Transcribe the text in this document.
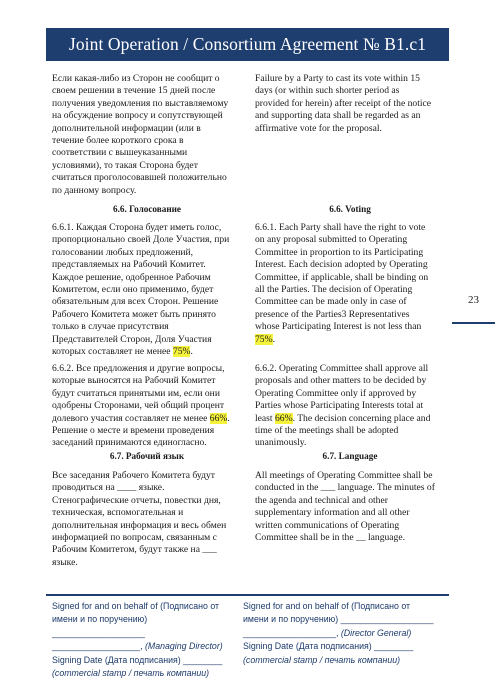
Joint Operation / Consortium Agreement № B1.c1

Если какая-либо из Сторон не сообщит о
своем решении в течение 15 дней после
получения уведомления по выставляемому
на обсуждение вопросу и сопутствующей
дополнительной информации (или в
течение более короткого срока в
соответствии с вышеуказанными
условиями), то такая Сторона будет
считаться проголосовавшей положительно
по данному вопросу.

Failure by a Party to cast its vote within 15
days (or within such shorter period as
provided for herein) after receipt of the notice
and supporting data shall be regarded as an
affirmative vote for the proposal.

6.6. Голосование	6.6. Voting

6.6.1. Каждая Сторона будет иметь голос,
пропорционально своей Доле Участия, при
голосовании любых предложений,
представляемых на Рабочий Комитет.
Каждое решение, одобренное Рабочим
Комитетом, если оно применимо, будет
обязательным для всех Сторон. Решение
Рабочего Комитета может быть принято
только в случае присутствия
Представителей Сторон, Доля Участия
которых составляет не менее 75%.

6.6.1. Each Party shall have the right to vote
on any proposal submitted to Operating
Committee in proportion to its Participating
Interest. Each decision adopted by Operating
Committee, if applicable, shall be binding on
all the Parties. The decision of Operating
Committee can be made only in case of
presence of the Parties3 Representatives
whose Participating Interest is not less than
75%.

6.6.2. Все предложения и другие вопросы,
которые выносятся на Рабочий Комитет
будут считаться принятыми им, если они
одобрены Сторонами, чей общий процент
долевого участия составляет не менее 66%.
Решение о месте и времени проведения
заседаний принимаются единогласно.

6.6.2. Operating Committee shall approve all
proposals and other matters to be decided by
Operating Committee only if approved by
Parties whose Participating Interests total at
least 66%. The decision concerning place and
time of the meetings shall be adopted
unanimously.

6.7. Рабочий язык	6.7. Language

Все заседания Рабочего Комитета будут
проводиться на ____ языке.
Стенографические отчеты, повестки дня,
техническая, вспомогательная и
дополнительная информация и весь обмен
информацией по вопросам, связанным с
Рабочим Комитетом, будут также на ___
языке.

All meetings of Operating Committee shall be
conducted in the ___ language. The minutes of
the agenda and technical and other
supplementary information and all other
written communications of Operating
Committee shall be in the __ language.

23
Signed for and on behalf of (Подписано от
имени и по поручению) ___________________
__________________, (Managing Director)
Signing Date (Дата подписания) ________
(commercial stamp / печать компании)
Signed for and on behalf of (Подписано от
имени и по поручению) ___________________
___________________, (Director General)
Signing Date (Дата подписания) ________
(commercial stamp / печать компании)
